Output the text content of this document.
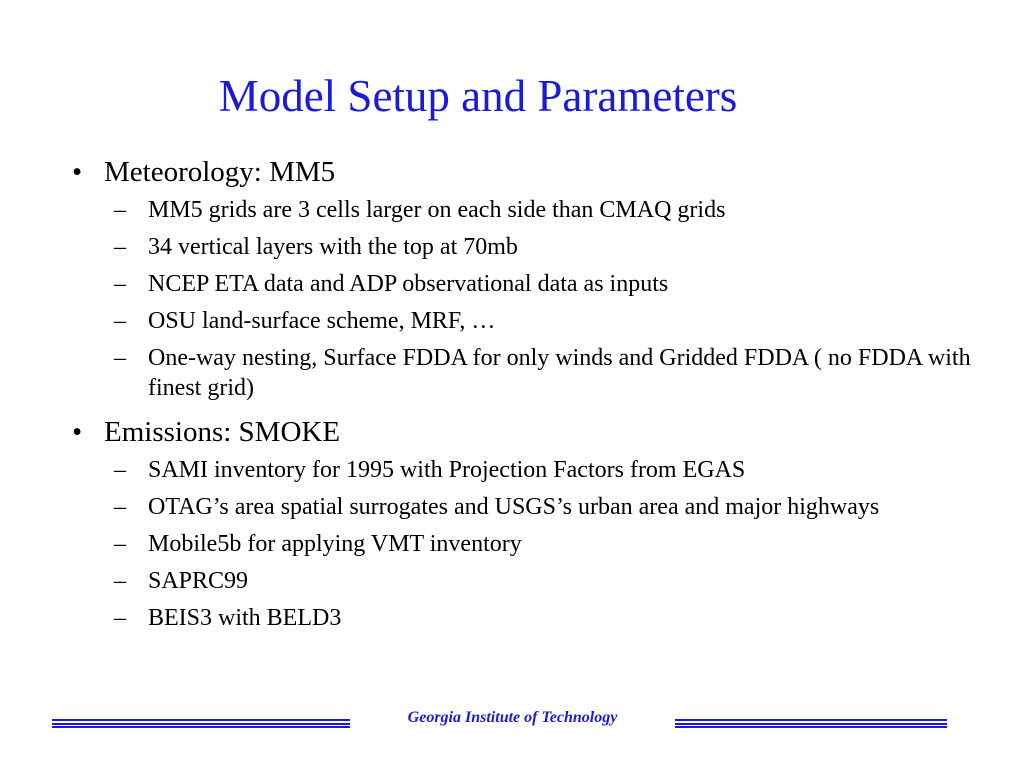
Model Setup and Parameters
• Meteorology: MM5
– MM5 grids are 3 cells larger on each side than CMAQ grids
– 34 vertical layers with the top at 70mb
– NCEP ETA data and ADP observational data as inputs
– OSU land-surface scheme, MRF, …
– One-way nesting, Surface FDDA for only winds and Gridded FDDA ( no FDDA with finest grid)
• Emissions: SMOKE
– SAMI inventory for 1995 with Projection Factors from EGAS
– OTAG’s area spatial surrogates and USGS’s urban area and major highways
– Mobile5b for applying VMT inventory
– SAPRC99
– BEIS3 with BELD3
Georgia Institute of Technology
